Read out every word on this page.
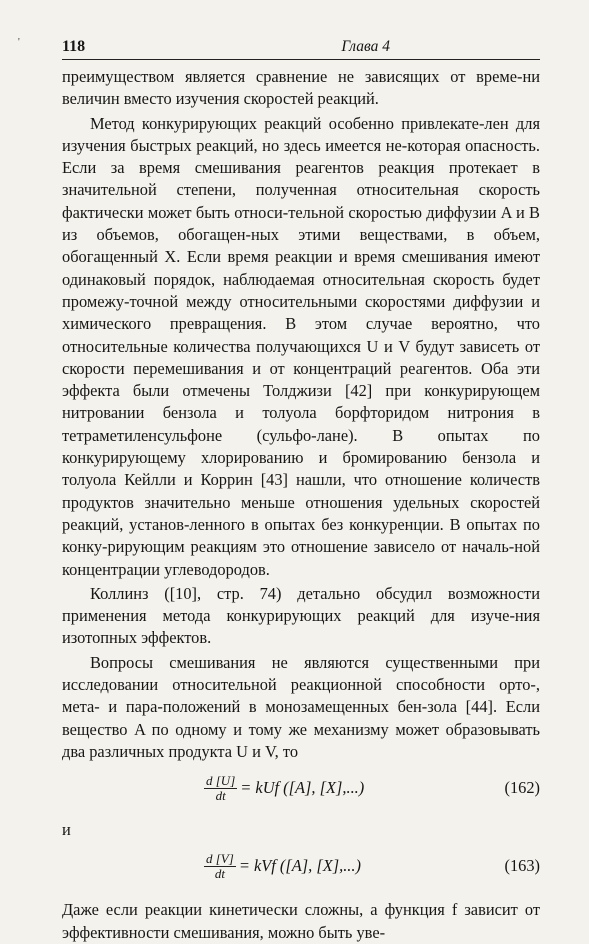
'	118	Глава 4

преимуществом является сравнение не зависящих от време-ни величин вместо изучения скоростей реакций.

Метод конкурирующих реакций особенно привлекате-лен для изучения быстрых реакций, но здесь имеется не-которая опасность. Если за время смешивания реагентов реакция протекает в значительной степени, полученная относительная скорость фактически может быть относи-тельной скоростью диффузии A и B из объемов, обогащен-ных этими веществами, в объем, обогащенный X. Если время реакции и время смешивания имеют одинаковый порядок, наблюдаемая относительная скорость будет промежу-точной между относительными скоростями диффузии и химического превращения. В этом случае вероятно, что относительные количества получающихся U и V будут зависеть от скорости перемешивания и от концентраций реагентов. Оба эти эффекта были отмечены Толджизи [42] при конкурирующем нитровании бензола и толуола борфторидом нитрония в тетраметиленсульфоне (сульфо-лане). В опытах по конкурирующему хлорированию и бромированию бензола и толуола Кейлли и Коррин [43] нашли, что отношение количеств продуктов значительно меньше отношения удельных скоростей реакций, установ-ленного в опытах без конкуренции. В опытах по конку-рирующим реакциям это отношение зависело от началь-ной концентрации углеводородов.

Коллинз ([10], стр. 74) детально обсудил возможности применения метода конкурирующих реакций для изуче-ния изотопных эффектов.

Вопросы смешивания не являются существенными при исследовании относительной реакционной способности орто-, мета- и пара-положений в монозамещенных бен-зола [44]. Если вещество A по одному и тому же механизму может образовывать два различных продукта U и V, то

$\frac{d [U]}{dt}$ = kUf ([A], [X],...)	(162)
и
$\frac{d [V]}{dt}$ = kVf ([A], [X],...)	(163)

Даже если реакции кинетически сложны, а функция f зависит от эффективности смешивания, можно быть уве-
